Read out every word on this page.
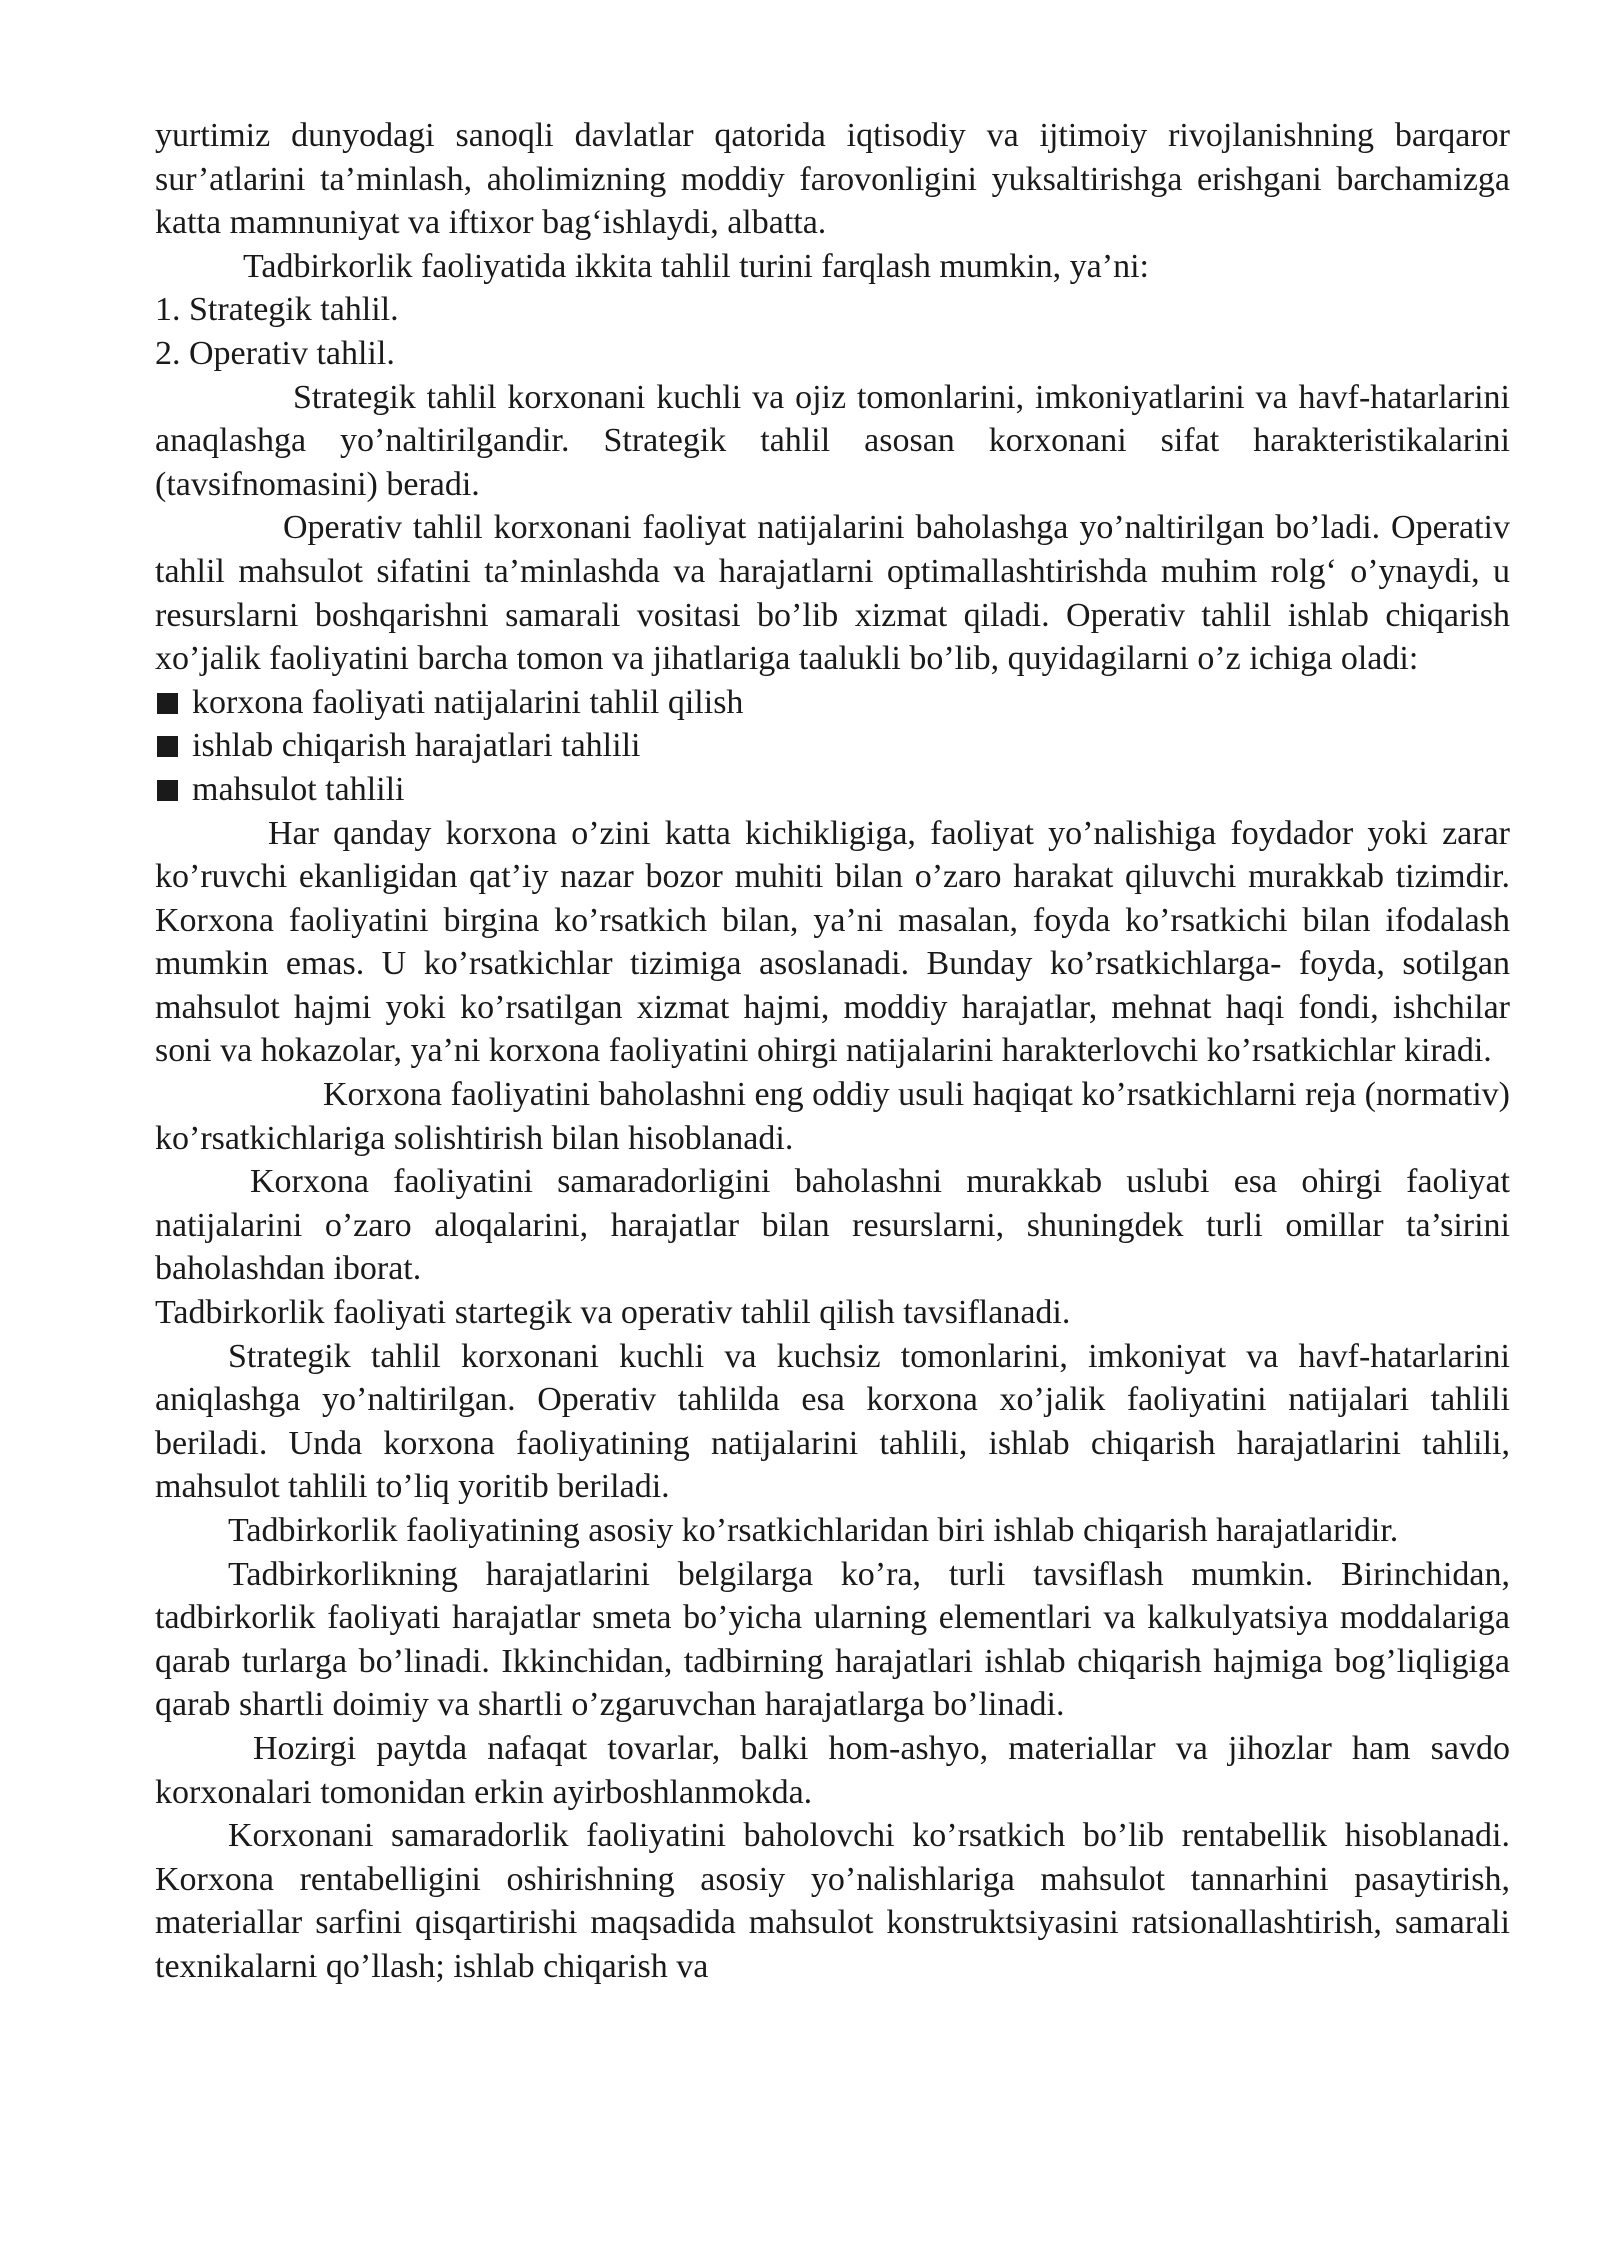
yurtimiz dunyodagi sanoqli davlatlar qatorida iqtisodiy va ijtimoiy rivojlanishning barqaror sur’atlarini ta’minlash, aholimizning moddiy farovonligini yuksaltirishga erishgani barchamizga katta mamnuniyat va iftixor bag‘ishlaydi, albatta.

Tadbirkorlik faoliyatida ikkita tahlil turini farqlash mumkin, ya’ni:

1. Strategik tahlil.

2. Operativ tahlil.

Strategik tahlil korxonani kuchli va ojiz tomonlarini, imkoniyatlarini va havf-hatarlarini anaqlashga yo’naltirilgandir. Strategik tahlil asosan korxonani sifat harakteristikalarini (tavsifnomasini) beradi.

Operativ tahlil korxonani faoliyat natijalarini baholashga yo’naltirilgan bo’ladi. Operativ tahlil mahsulot sifatini ta’minlashda va harajatlarni optimallashtirishda muhim rolg‘ o’ynaydi, u resurslarni boshqarishni samarali vositasi bo’lib xizmat qiladi. Operativ tahlil ishlab chiqarish xo’jalik faoliyatini barcha tomon va jihatlariga taalukli bo’lib, quyidagilarni o’z ichiga oladi:

korxona faoliyati natijalarini tahlil qilish
ishlab chiqarish harajatlari tahlili
mahsulot tahlili

Har qanday korxona o’zini katta kichikligiga, faoliyat yo’nalishiga foydador yoki zarar ko’ruvchi ekanligidan qat’iy nazar bozor muhiti bilan o’zaro harakat qiluvchi murakkab tizimdir. Korxona faoliyatini birgina ko’rsatkich bilan, ya’ni masalan, foyda ko’rsatkichi bilan ifodalash mumkin emas. U ko’rsatkichlar tizimiga asoslanadi. Bunday ko’rsatkichlarga- foyda, sotilgan mahsulot hajmi yoki ko’rsatilgan xizmat hajmi, moddiy harajatlar, mehnat haqi fondi, ishchilar soni va hokazolar, ya’ni korxona faoliyatini ohirgi natijalarini harakterlovchi ko’rsatkichlar kiradi.

Korxona faoliyatini baholashni eng oddiy usuli haqiqat ko’rsatkichlarni reja (normativ) ko’rsatkichlariga solishtirish bilan hisoblanadi.

Korxona faoliyatini samaradorligini baholashni murakkab uslubi esa ohirgi faoliyat natijalarini o’zaro aloqalarini, harajatlar bilan resurslarni, shuningdek turli omillar ta’sirini baholashdan iborat.

Tadbirkorlik faoliyati startegik va operativ tahlil qilish tavsiflanadi.

Strategik tahlil korxonani kuchli va kuchsiz tomonlarini, imkoniyat va havf-hatarlarini aniqlashga yo’naltirilgan. Operativ tahlilda esa korxona xo’jalik faoliyatini natijalari tahlili beriladi. Unda korxona faoliyatining natijalarini tahlili, ishlab chiqarish harajatlarini tahlili, mahsulot tahlili to’liq yoritib beriladi.

Tadbirkorlik faoliyatining asosiy ko’rsatkichlaridan biri ishlab chiqarish harajatlaridir.

Tadbirkorlikning harajatlarini belgilarga ko’ra, turli tavsiflash mumkin. Birinchidan, tadbirkorlik faoliyati harajatlar smeta bo’yicha ularning elementlari va kalkulyatsiya moddalariga qarab turlarga bo’linadi. Ikkinchidan, tadbirning harajatlari ishlab chiqarish hajmiga bog’liqligiga qarab shartli doimiy va shartli o’zgaruvchan harajatlarga bo’linadi.

Hozirgi paytda nafaqat tovarlar, balki hom-ashyo, materiallar va jihozlar ham savdo korxonalari tomonidan erkin ayirboshlanmokda.

Korxonani samaradorlik faoliyatini baholovchi ko’rsatkich bo’lib rentabellik hisoblanadi. Korxona rentabelligini oshirishning asosiy yo’nalishlariga mahsulot tannarhini pasaytirish, materiallar sarfini qisqartirishi maqsadida mahsulot konstruktsiyasini ratsionallashtirish, samarali texnikalarni qo’llash; ishlab chiqarish va
